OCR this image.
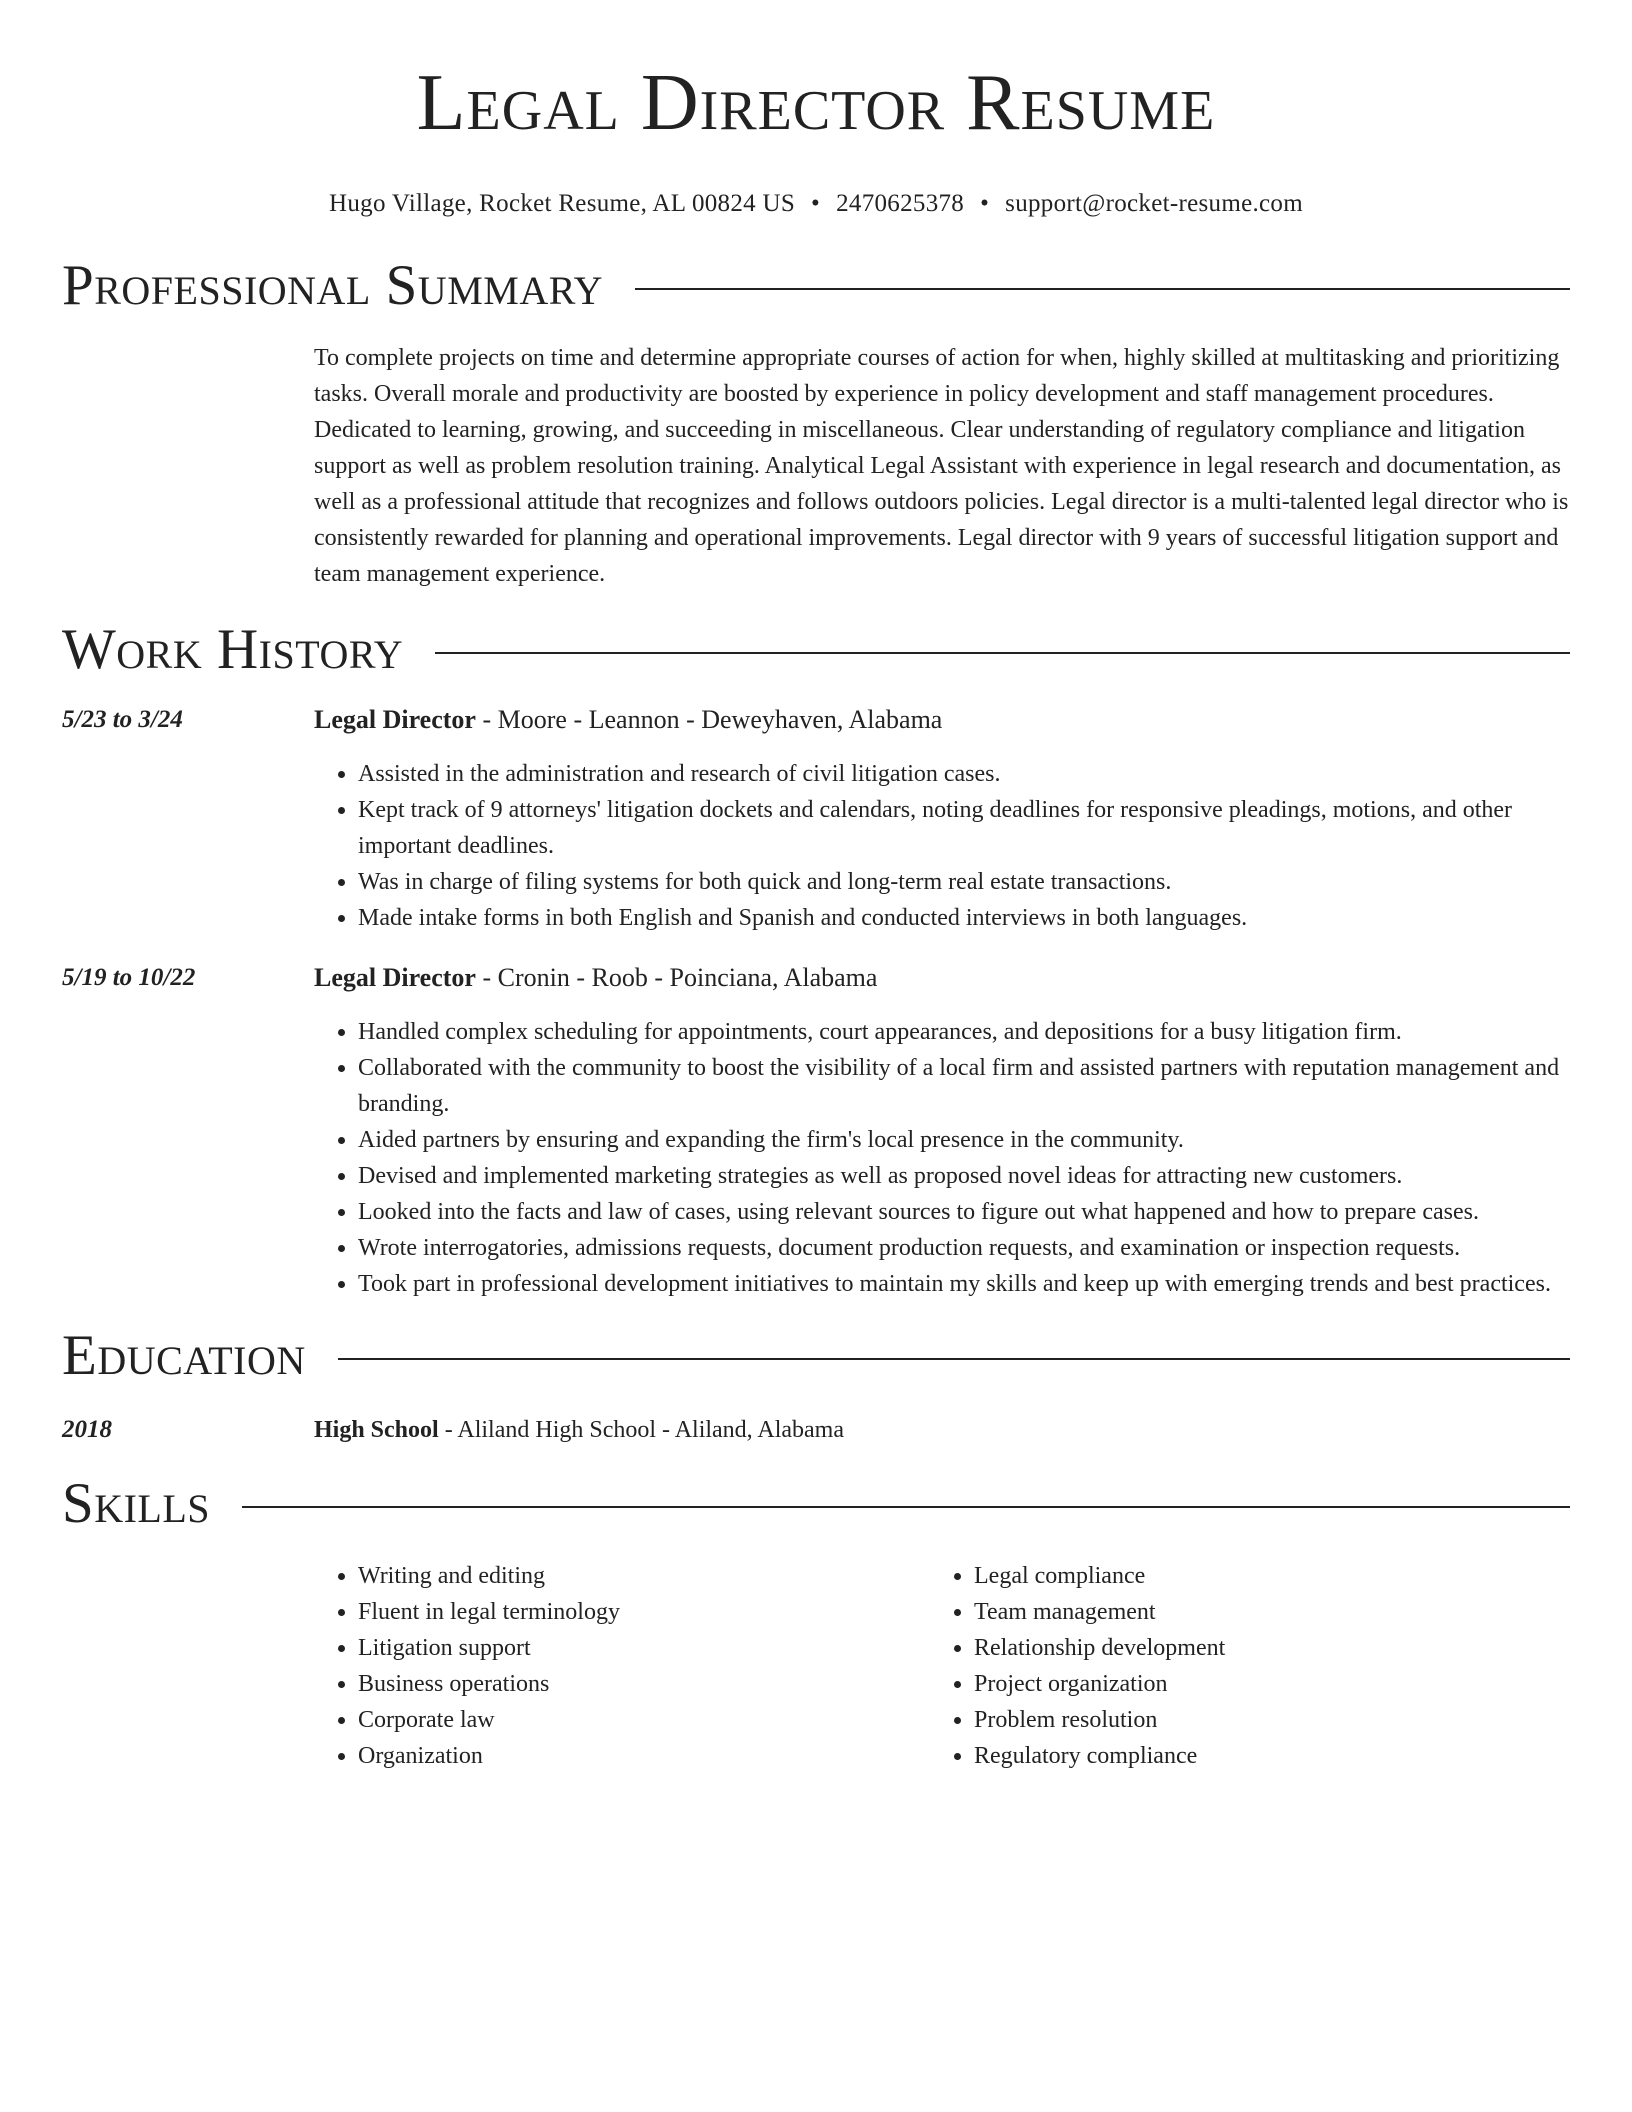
Legal Director Resume
Hugo Village, Rocket Resume, AL 00824 US • 2470625378 • support@rocket-resume.com
Professional Summary
To complete projects on time and determine appropriate courses of action for when, highly skilled at multitasking and prioritizing tasks. Overall morale and productivity are boosted by experience in policy development and staff management procedures. Dedicated to learning, growing, and succeeding in miscellaneous. Clear understanding of regulatory compliance and litigation support as well as problem resolution training. Analytical Legal Assistant with experience in legal research and documentation, as well as a professional attitude that recognizes and follows outdoors policies. Legal director is a multi-talented legal director who is consistently rewarded for planning and operational improvements. Legal director with 9 years of successful litigation support and team management experience.
Work History
5/23 to 3/24	Legal Director - Moore - Leannon - Deweyhaven, Alabama
• Assisted in the administration and research of civil litigation cases.
• Kept track of 9 attorneys' litigation dockets and calendars, noting deadlines for responsive pleadings, motions, and other important deadlines.
• Was in charge of filing systems for both quick and long-term real estate transactions.
• Made intake forms in both English and Spanish and conducted interviews in both languages.
5/19 to 10/22	Legal Director - Cronin - Roob - Poinciana, Alabama
• Handled complex scheduling for appointments, court appearances, and depositions for a busy litigation firm.
• Collaborated with the community to boost the visibility of a local firm and assisted partners with reputation management and branding.
• Aided partners by ensuring and expanding the firm's local presence in the community.
• Devised and implemented marketing strategies as well as proposed novel ideas for attracting new customers.
• Looked into the facts and law of cases, using relevant sources to figure out what happened and how to prepare cases.
• Wrote interrogatories, admissions requests, document production requests, and examination or inspection requests.
• Took part in professional development initiatives to maintain my skills and keep up with emerging trends and best practices.
Education
2018	High School - Aliland High School - Aliland, Alabama
Skills
• Writing and editing
• Fluent in legal terminology
• Litigation support
• Business operations
• Corporate law
• Organization
• Legal compliance
• Team management
• Relationship development
• Project organization
• Problem resolution
• Regulatory compliance
